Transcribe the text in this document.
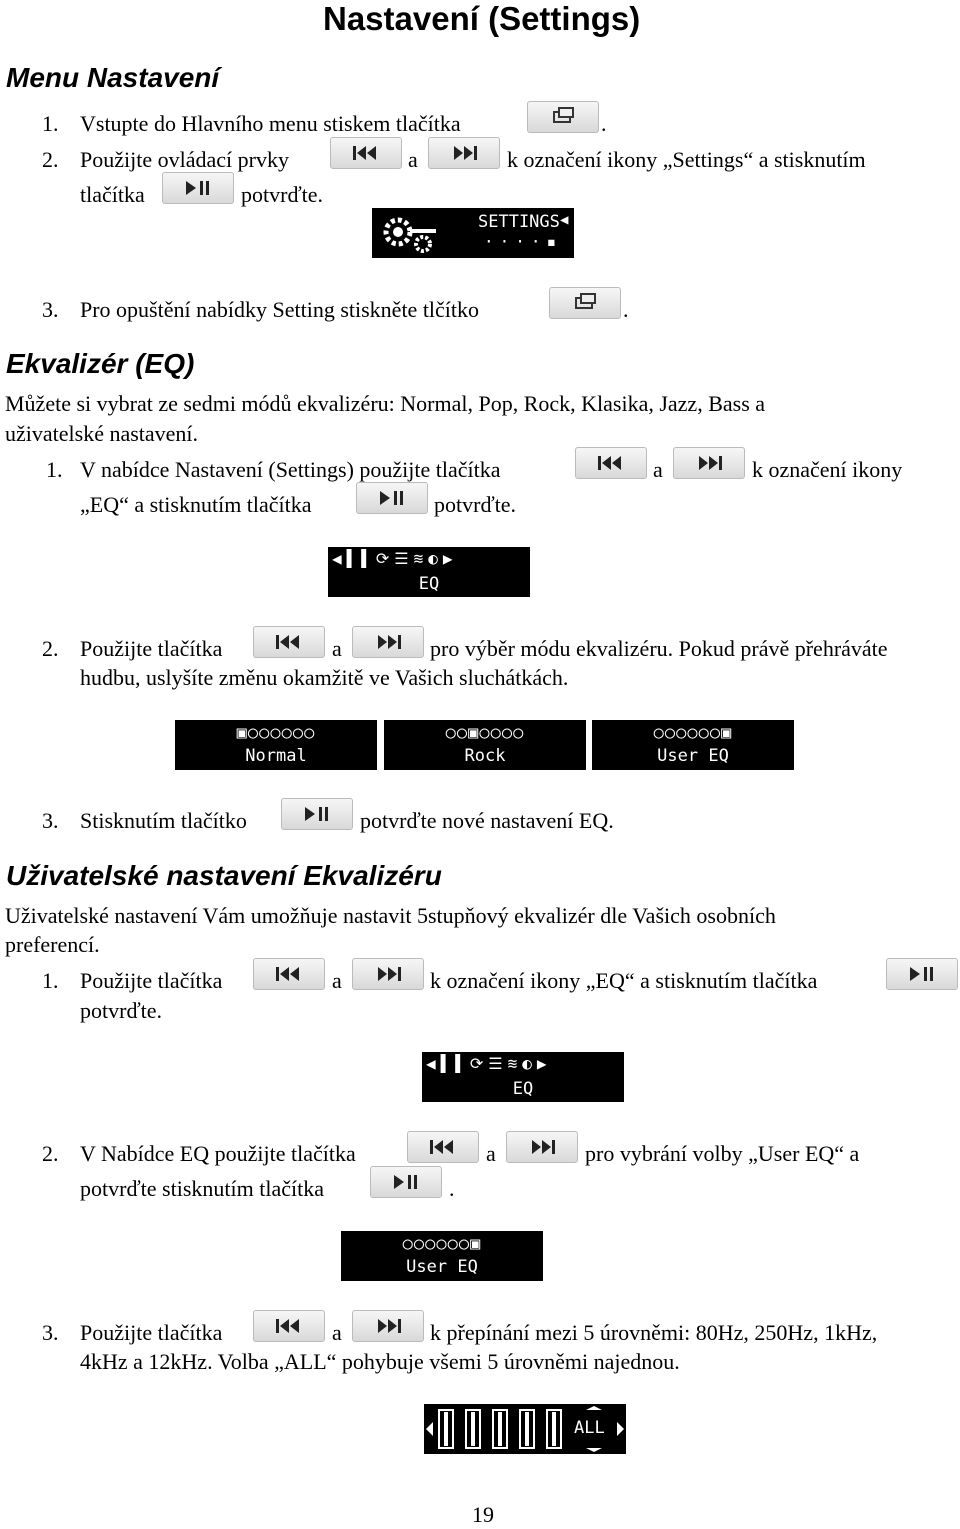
Nastavení (Settings)
Menu Nastavení
1. Vstupte do Hlavního menu stiskem tlačítka	.
2. Použijte ovládací prvky	a	k označení ikony „Settings“ a stisknutím
tlačítka	potvrďte.
SETTINGS
····▪
◀
3. Pro opuštění nabídky Setting stiskněte tlčítko	.
Ekvalizér (EQ)
Můžete si vybrat ze sedmi módů ekvalizéru: Normal, Pop, Rock, Klasika, Jazz, Bass a
uživatelské nastavení.
1. V nabídce Nastavení (Settings) použijte tlačítka	a	k označení ikony
„EQ“ a stisknutím tlačítka	potvrďte.
◀▌▌⟳☰≋◐▶
EQ
2. Použijte tlačítka	a	pro výběr módu ekvalizéru. Pokud právě přehráváte
hudbu, uslyšíte změnu okamžitě ve Vašich sluchátkách.
▣○○○○○○
Normal
○○▣○○○○
Rock
○○○○○○▣
User EQ
3. Stisknutím tlačítko	potvrďte nové nastavení EQ.
Uživatelské nastavení Ekvalizéru
Uživatelské nastavení Vám umožňuje nastavit 5stupňový ekvalizér dle Vašich osobních
preferencí.
1. Použijte tlačítka	a	k označení ikony „EQ“ a stisknutím tlačítka
potvrďte.
◀▌▌⟳☰≋◐▶
EQ
2. V Nabídce EQ použijte tlačítka	a	pro vybrání volby „User EQ“ a
potvrďte stisknutím tlačítka	.
○○○○○○▣
User EQ
3. Použijte tlačítka	a	k přepínání mezi 5 úrovněmi: 80Hz, 250Hz, 1kHz,
4kHz a 12kHz. Volba „ALL“ pohybuje všemi 5 úrovněmi najednou.
ALL
19
